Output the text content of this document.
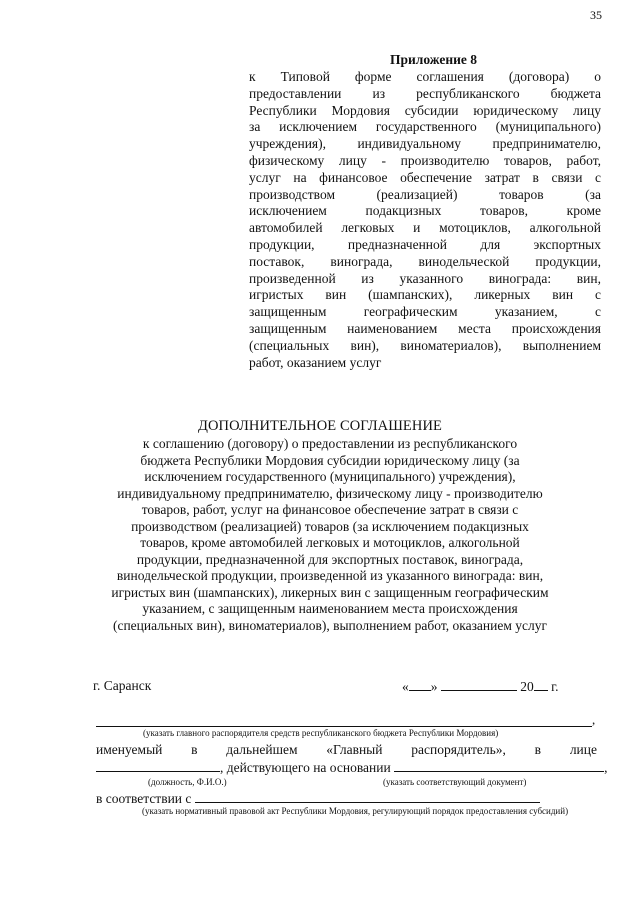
35
Приложение 8
к Типовой форме соглашения (договора) о
предоставлении из республиканского бюджета
Республики Мордовия субсидии юридическому лицу
за исключением государственного (муниципального)
учреждения), индивидуальному предпринимателю,
физическому лицу - производителю товаров, работ,
услуг на финансовое обеспечение затрат в связи с
производством (реализацией) товаров (за
исключением подакцизных товаров, кроме
автомобилей легковых и мотоциклов, алкогольной
продукции, предназначенной для экспортных
поставок, винограда, винодельческой продукции,
произведенной из указанного винограда: вин,
игристых вин (шампанских), ликерных вин с
защищенным географическим указанием, с
защищенным наименованием места происхождения
(специальных вин), виноматериалов), выполнением
работ, оказанием услуг
ДОПОЛНИТЕЛЬНОЕ СОГЛАШЕНИЕ
к соглашению (договору) о предоставлении из республиканского
бюджета Республики Мордовия субсидии юридическому лицу (за
исключением государственного (муниципального) учреждения),
индивидуальному предпринимателю, физическому лицу - производителю
товаров, работ, услуг на финансовое обеспечение затрат в связи с
производством (реализацией) товаров (за исключением подакцизных
товаров, кроме автомобилей легковых и мотоциклов, алкогольной
продукции, предназначенной для экспортных поставок, винограда,
винодельческой продукции, произведенной из указанного винограда: вин,
игристых вин (шампанских), ликерных вин с защищенным географическим
указанием, с защищенным наименованием места происхождения
(специальных вин), виноматериалов), выполнением работ, оказанием услуг
г. Саранск	« »	20 г.
,
(указать главного распорядителя средств республиканского бюджета Республики Мордовия)
именуемый в дальнейшем «Главный распорядитель», в лице
, действующего на основании	,
(должность, Ф.И.О.)	(указать соответствующий документ)
в соответствии с
(указать нормативный правовой акт Республики Мордовия, регулирующий порядок предоставления субсидий)
